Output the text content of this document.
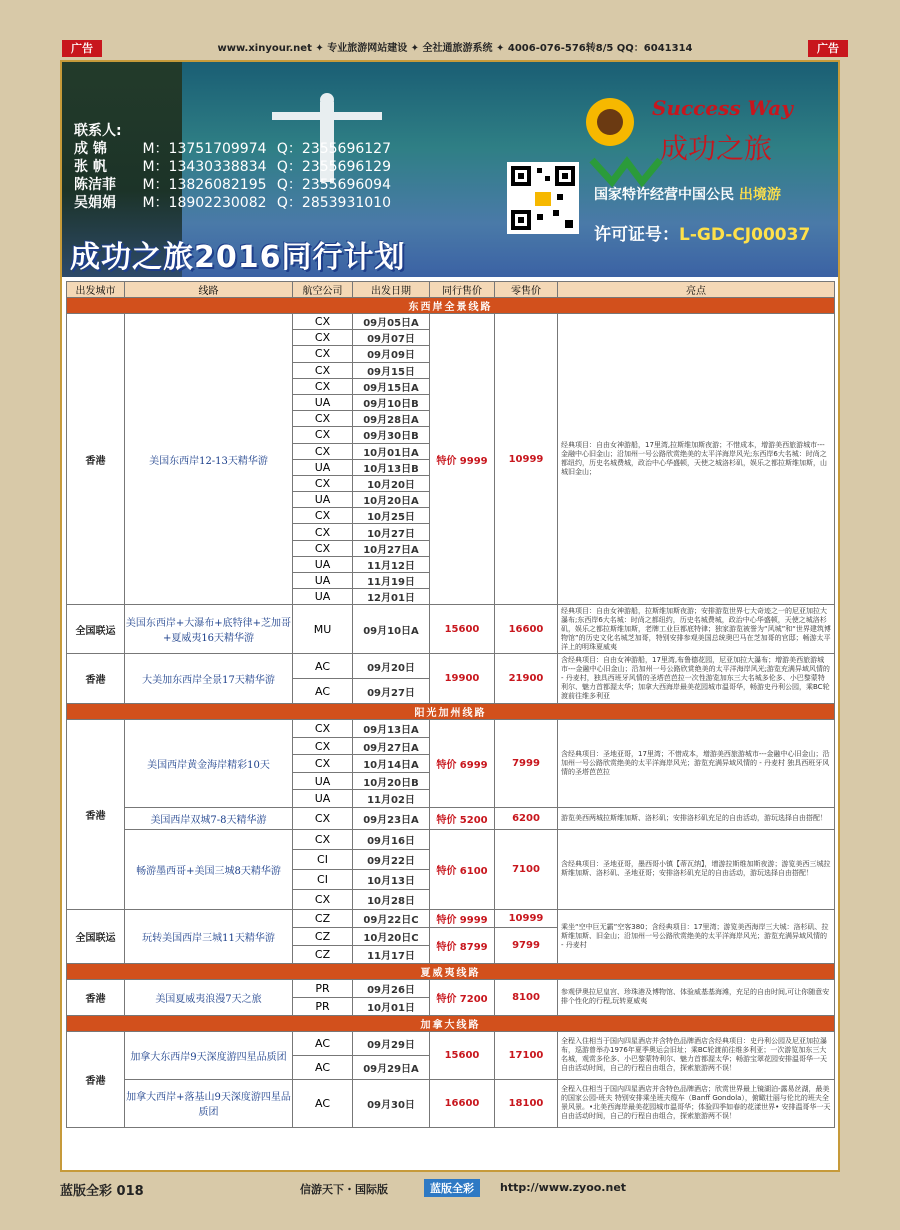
广告	www.xinyour.net ✦ 专业旅游网站建设 ✦ 全社通旅游系统 ✦ 4006-076-576转8/5 QQ：6041314	广告
联系人:
成 锦	M：13751709974 Q：2355696127
张 帆	M：13430338834 Q：2355696129
陈洁菲 M：13826082195 Q：2355696094
吴娟娟 M：18902230082 Q：2853931010
成功之旅2016同行计划
Success Way
成功之旅
国家特许经营中国公民 出境游
许可证号：L-GD-CJ00037
出发城市	线路	航空公司	出发日期	同行售价	零售价	亮点
东西岸全景线路						
香港	美国东西岸12-13天精华游	CX	09月05日A	特价 9999	10999	经典项目：自由女神游船，17里湾,拉斯维加斯夜游；不惜成本，增游美西旅游城市---金融中心旧金山；沿加州一号公路欣赏绝美的太平洋海岸风光;东西岸6大名城：时尚之都纽约，历史名城费城，政治中心华盛顿，天使之城洛杉矶，娱乐之都拉斯维加斯，山城旧金山；
		CX	09月07日			
		CX	09月09日			
		CX	09月15日			
		CX	09月15日A			
		UA	09月10日B			
		CX	09月28日A			
		CX	09月30日B			
		CX	10月01日A			
		UA	10月13日B			
		CX	10月20日			
		UA	10月20日A			
		CX	10月25日			
		CX	10月27日			
		CX	10月27日A			
		UA	11月12日			
		UA	11月19日			
		UA	12月01日			
全国联运	美国东西岸+大瀑布+底特律+芝加哥+夏威夷16天精华游	MU	09月10日A	15600	16600	经典项目：自由女神游船，拉斯维加斯夜游；安排游览世界七大奇迹之一的尼亚加拉大瀑布;东西岸6大名城：时尚之都纽约，历史名城费城，政治中心华盛顿，天使之城洛杉矶，娱乐之都拉斯维加斯，老牌工业巨都底特律；独家游览被誉为“风城”和“世界建筑博物馆”的历史文化名城芝加哥，特别安排参观美国总统奥巴马在芝加哥的官邸；畅游太平洋上的明珠夏威夷
香港	大美加东西岸全景17天精华游	AC	09月20日	19900	21900	含经典项目：自由女神游船，17里湾,布鲁德花园，尼亚加拉大瀑布；增游美西旅游城市---金融中心旧金山；沿加州一号公路欣赏绝美的太平洋海岸风光;游览充满异域风情的 - 丹麦村，独具西班牙风情的圣塔芭芭拉一次性游览加东三大名城多伦多、小巴黎蒙特利尔、魅力首都渥太华；加拿大西海岸最美花园城市温哥华，畅游史丹利公园，乘BC轮渡前往维多利亚
		AC	09月27日			
阳光加州线路						
香港	美国西岸黄金海岸精彩10天	CX	09月13日A	特价 6999	7999	含经典项目：圣地亚哥，17里湾；不惜成本，增游美西旅游城市---金融中心旧金山；沿加州一号公路欣赏绝美的太平洋海岸风光；游览充满异域风情的 - 丹麦村 独具西班牙风情的圣塔芭芭拉
		CX	09月27日A			
		CX	10月14日A			
		UA	10月20日B			
		UA	11月02日			
	美国西岸双城7-8天精华游	CX	09月23日A	特价 5200	6200	游览美西两城拉斯维加斯、洛杉矶；安排洛杉矶充足的自由活动，游玩选择自由搭配！
	畅游墨西哥+美国三城8天精华游	CX	09月16日	特价 6100	7100	含经典项目：圣地亚哥，墨西哥小镇【蒂瓦纳】，增游拉斯维加斯夜游；游览美西三城拉斯维加斯、洛杉矶、圣地亚哥；安排洛杉矶充足的自由活动，游玩选择自由搭配！
		CI	09月22日			
		CI	10月13日			
		CX	10月28日			
全国联运	玩转美国西岸三城11天精华游	CZ	09月22日C	特价 9999	10999	乘坐“空中巨无霸”空客380；含经典项目：17里湾；游览美西海岸三大城：洛杉矶、拉斯维加斯、旧金山；沿加州一号公路欣赏绝美的太平洋海岸风光；游览充满异域风情的 - 丹麦村
		CZ	10月20日C	特价 8799	9799	
		CZ	11月17日			
夏威夷线路						
香港	美国夏威夷浪漫7天之旅	PR	09月26日	特价 7200	8100	参观伊奥拉尼皇宫、珍珠港及博物馆、体验威基基海滩，充足的自由时间,可让你随意安排个性化的行程,玩转夏威夷
		PR	10月01日			
加拿大线路						
香港	加拿大东西岸9天深度游四星品质团	AC	09月29日	15600	17100	全程入住相当于国内四星酒店并含特色品牌酒店含经典项目：史丹利公园及尼亚加拉瀑布，巡游曾举办1976年夏季奥运会旧址；乘BC轮渡前往维多利亚；一次游览加东三大名城，观赏多伦多、小巴黎蒙特利尔、魅力首都渥太华；畅游宝翠花园安排温哥华一天自由活动时间，自己的行程自由组合，探索旅游两不误！
		AC	09月29日A			
	加拿大西岸+落基山9天深度游四星品质团	AC	09月30日	16600	18100	全程入住相当于国内四星酒店并含特色品牌酒店；欣赏世界最上镜湖泊-露易丝湖，最美的国家公园-班夫 特别安排乘坐班夫缆车（Banff Gondola），俯瞰壮丽与伦比的班夫全景风景。•北美西海岸最美花园城市温哥华；体验四季如春的花漾世界• 安排温哥华一天自由活动时间，自己的行程自由组合，探索旅游两不误！
蓝版全彩 018	信游天下・国际版	蓝版全彩	http://www.zyoo.net
